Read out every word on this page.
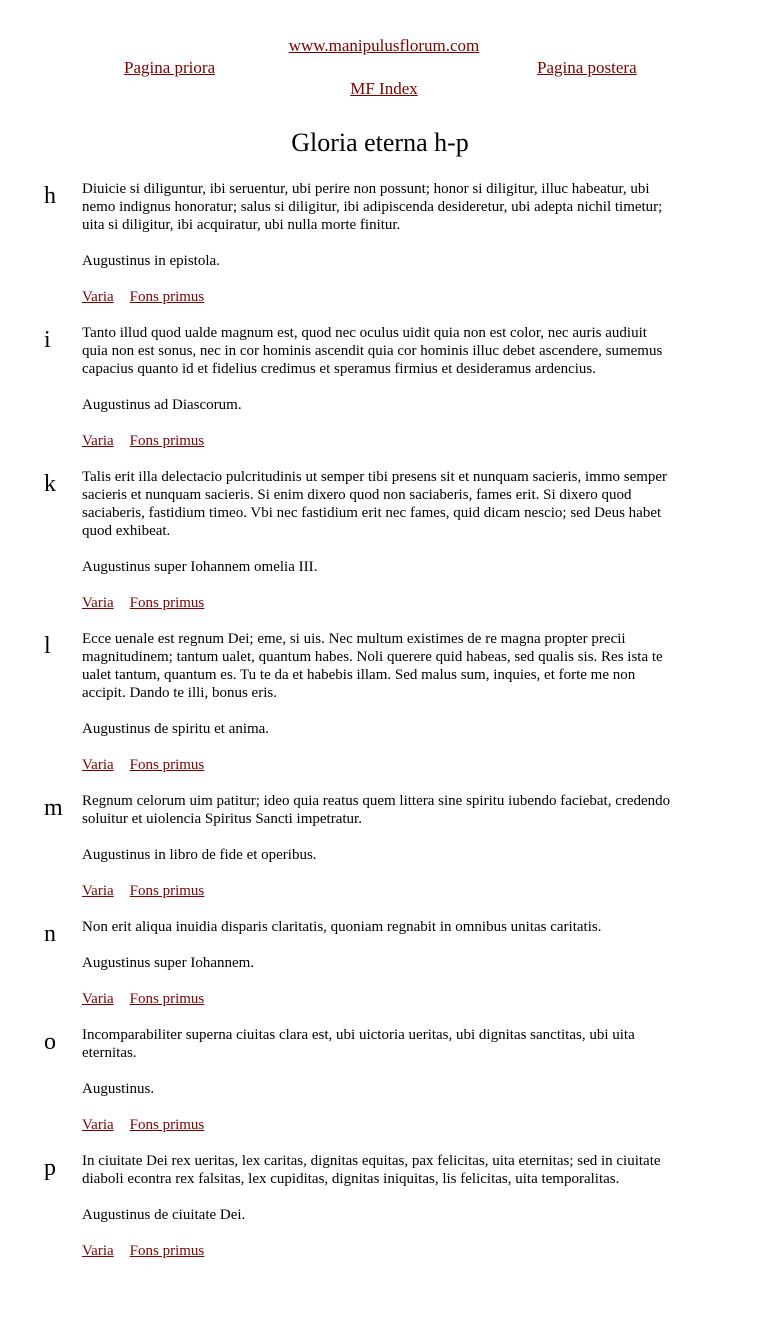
www.manipulusflorum.com
Pagina priora	Pagina postera
MF Index
Gloria eterna h-p
h Diuicie si diliguntur, ibi seruentur, ubi perire non possunt; honor si diligitur, illuc habeatur, ubi nemo indignus honoratur; salus si diligitur, ibi adipiscenda desideretur, ubi adepta nichil timetur; uita si diligitur, ibi acquiratur, ubi nulla morte finitur.

Augustinus in epistola.

Varia Fons primus

i Tanto illud quod ualde magnum est, quod nec oculus uidit quia non est color, nec auris audiuit quia non est sonus, nec in cor hominis ascendit quia cor hominis illuc debet ascendere, sumemus capacius quanto id et fidelius credimus et speramus firmius et desideramus ardencius.

Augustinus ad Diascorum.

Varia Fons primus

k Talis erit illa delectacio pulcritudinis ut semper tibi presens sit et nunquam sacieris, immo semper sacieris et nunquam sacieris. Si enim dixero quod non saciaberis, fames erit. Si dixero quod saciaberis, fastidium timeo. Vbi nec fastidium erit nec fames, quid dicam nescio; sed Deus habet quod exhibeat.

Augustinus super Iohannem omelia III.

Varia Fons primus

l Ecce uenale est regnum Dei; eme, si uis. Nec multum existimes de re magna propter precii magnitudinem; tantum ualet, quantum habes. Noli querere quid habeas, sed qualis sis. Res ista te ualet tantum, quantum es. Tu te da et habebis illam. Sed malus sum, inquies, et forte me non accipit. Dando te illi, bonus eris.

Augustinus de spiritu et anima.

Varia Fons primus

m Regnum celorum uim patitur; ideo quia reatus quem littera sine spiritu iubendo faciebat, credendo soluitur et uiolencia Spiritus Sancti impetratur.

Augustinus in libro de fide et operibus.

Varia Fons primus

n Non erit aliqua inuidia disparis claritatis, quoniam regnabit in omnibus unitas caritatis.

Augustinus super Iohannem.

Varia Fons primus

o Incomparabiliter superna ciuitas clara est, ubi uictoria ueritas, ubi dignitas sanctitas, ubi uita eternitas.

Augustinus.

Varia Fons primus

p In ciuitate Dei rex ueritas, lex caritas, dignitas equitas, pax felicitas, uita eternitas; sed in ciuitate diaboli econtra rex falsitas, lex cupiditas, dignitas iniquitas, lis felicitas, uita temporalitas.

Augustinus de ciuitate Dei.

Varia Fons primus
